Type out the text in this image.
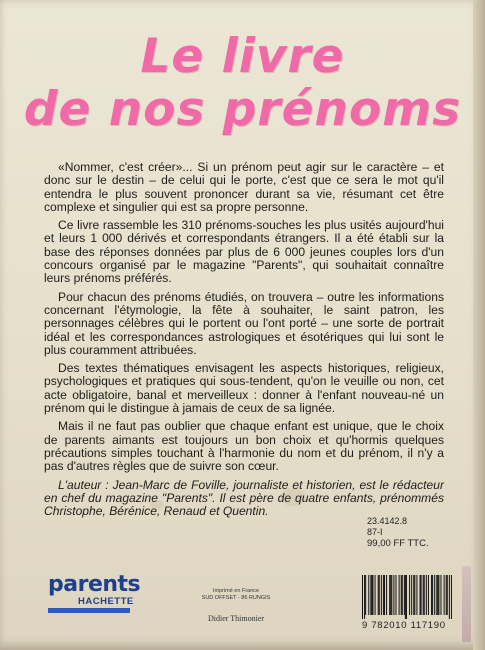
Le livre
de nos prénoms

«Nommer, c'est créer»... Si un prénom peut agir sur le caractère – et donc sur le destin – de celui qui le porte, c'est que ce sera le mot qu'il entendra le plus souvent prononcer durant sa vie, résumant cet être complexe et singulier qui est sa propre personne.

Ce livre rassemble les 310 prénoms-souches les plus usités aujourd'hui et leurs 1 000 dérivés et correspondants étrangers. Il a été établi sur la base des réponses données par plus de 6 000 jeunes couples lors d'un concours organisé par le magazine "Parents", qui souhaitait connaître leurs prénoms préférés.

Pour chacun des prénoms étudiés, on trouvera – outre les informations concernant l'étymologie, la fête à souhaiter, le saint patron, les personnages célèbres qui le portent ou l'ont porté – une sorte de portrait idéal et les correspondances astrologiques et ésotériques qui lui sont le plus couramment attribuées.

Des textes thématiques envisagent les aspects historiques, religieux, psychologiques et pratiques qui sous-tendent, qu'on le veuille ou non, cet acte obligatoire, banal et merveilleux : donner à l'enfant nouveau-né un prénom qui le distingue à jamais de ceux de sa lignée.

Mais il ne faut pas oublier que chaque enfant est unique, que le choix de parents aimants est toujours un bon choix et qu'hormis quelques précautions simples touchant à l'harmonie du nom et du prénom, il n'y a pas d'autres règles que de suivre son cœur.

L'auteur : Jean-Marc de Foville, journaliste et historien, est le rédacteur en chef du magazine "Parents". Il est père de quatre enfants, prénommés Christophe, Bérénice, Renaud et Quentin.

23.4142.8
87-I
99,00 FF TTC.
parents
HACHETTE
Imprimé en France
SUD OFFSET · 86 RUNGIS
Didier Thimonier
9 782010 117190
